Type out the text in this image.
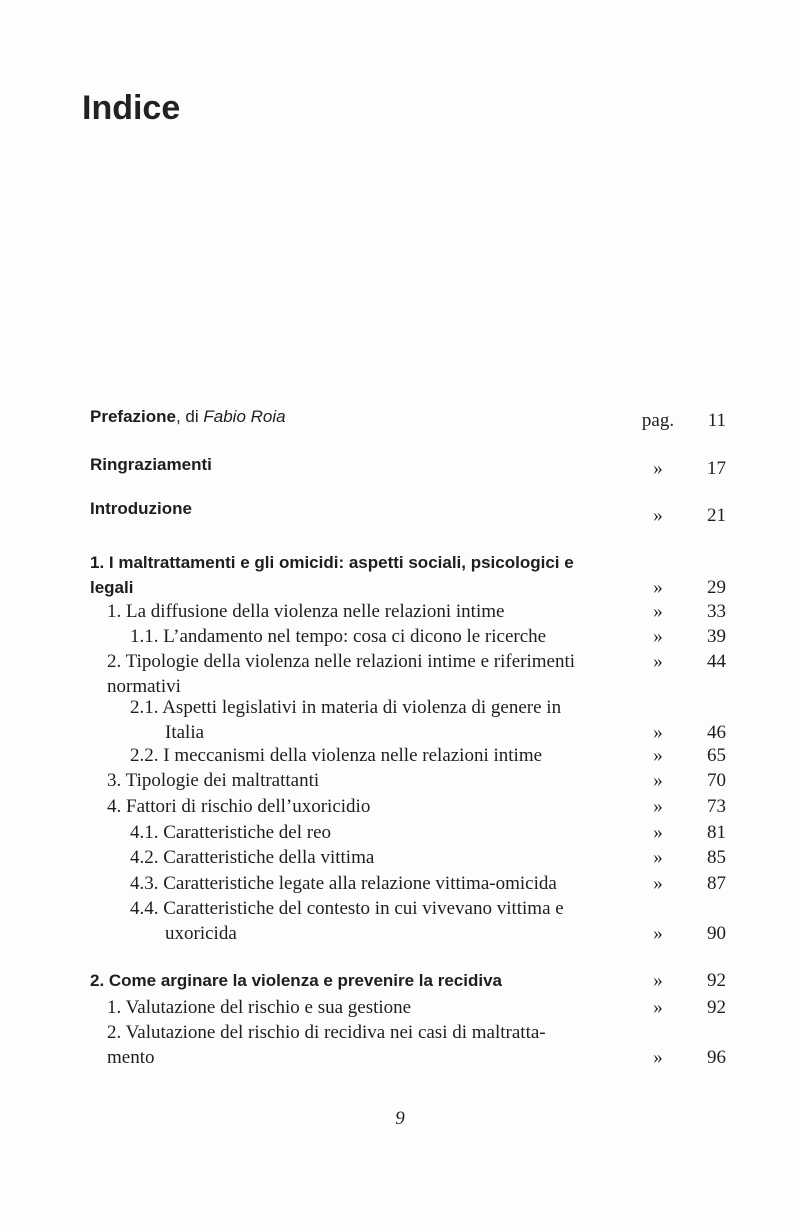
Indice
Prefazione, di Fabio Roia	pag.	11
Ringraziamenti	»	17
Introduzione	»	21
1. I maltrattamenti e gli omicidi: aspetti sociali, psicologici e
legali	»	29
1. La diffusione della violenza nelle relazioni intime	»	33
1.1. L’andamento nel tempo: cosa ci dicono le ricerche	»	39
2. Tipologie della violenza nelle relazioni intime e riferimenti
normativi
»	44
2.1. Aspetti legislativi in materia di violenza di genere in
Italia	»	46
2.2. I meccanismi della violenza nelle relazioni intime	»	65
3. Tipologie dei maltrattanti	»	70
4. Fattori di rischio dell’uxoricidio	»	73
4.1. Caratteristiche del reo	»	81
4.2. Caratteristiche della vittima	»	85
4.3. Caratteristiche legate alla relazione vittima-omicida	»	87
4.4. Caratteristiche del contesto in cui vivevano vittima e
uxoricida	»	90
2. Come arginare la violenza e prevenire la recidiva	»	92
1. Valutazione del rischio e sua gestione	»	92
2. Valutazione del rischio di recidiva nei casi di maltratta-
mento	»	96
9
